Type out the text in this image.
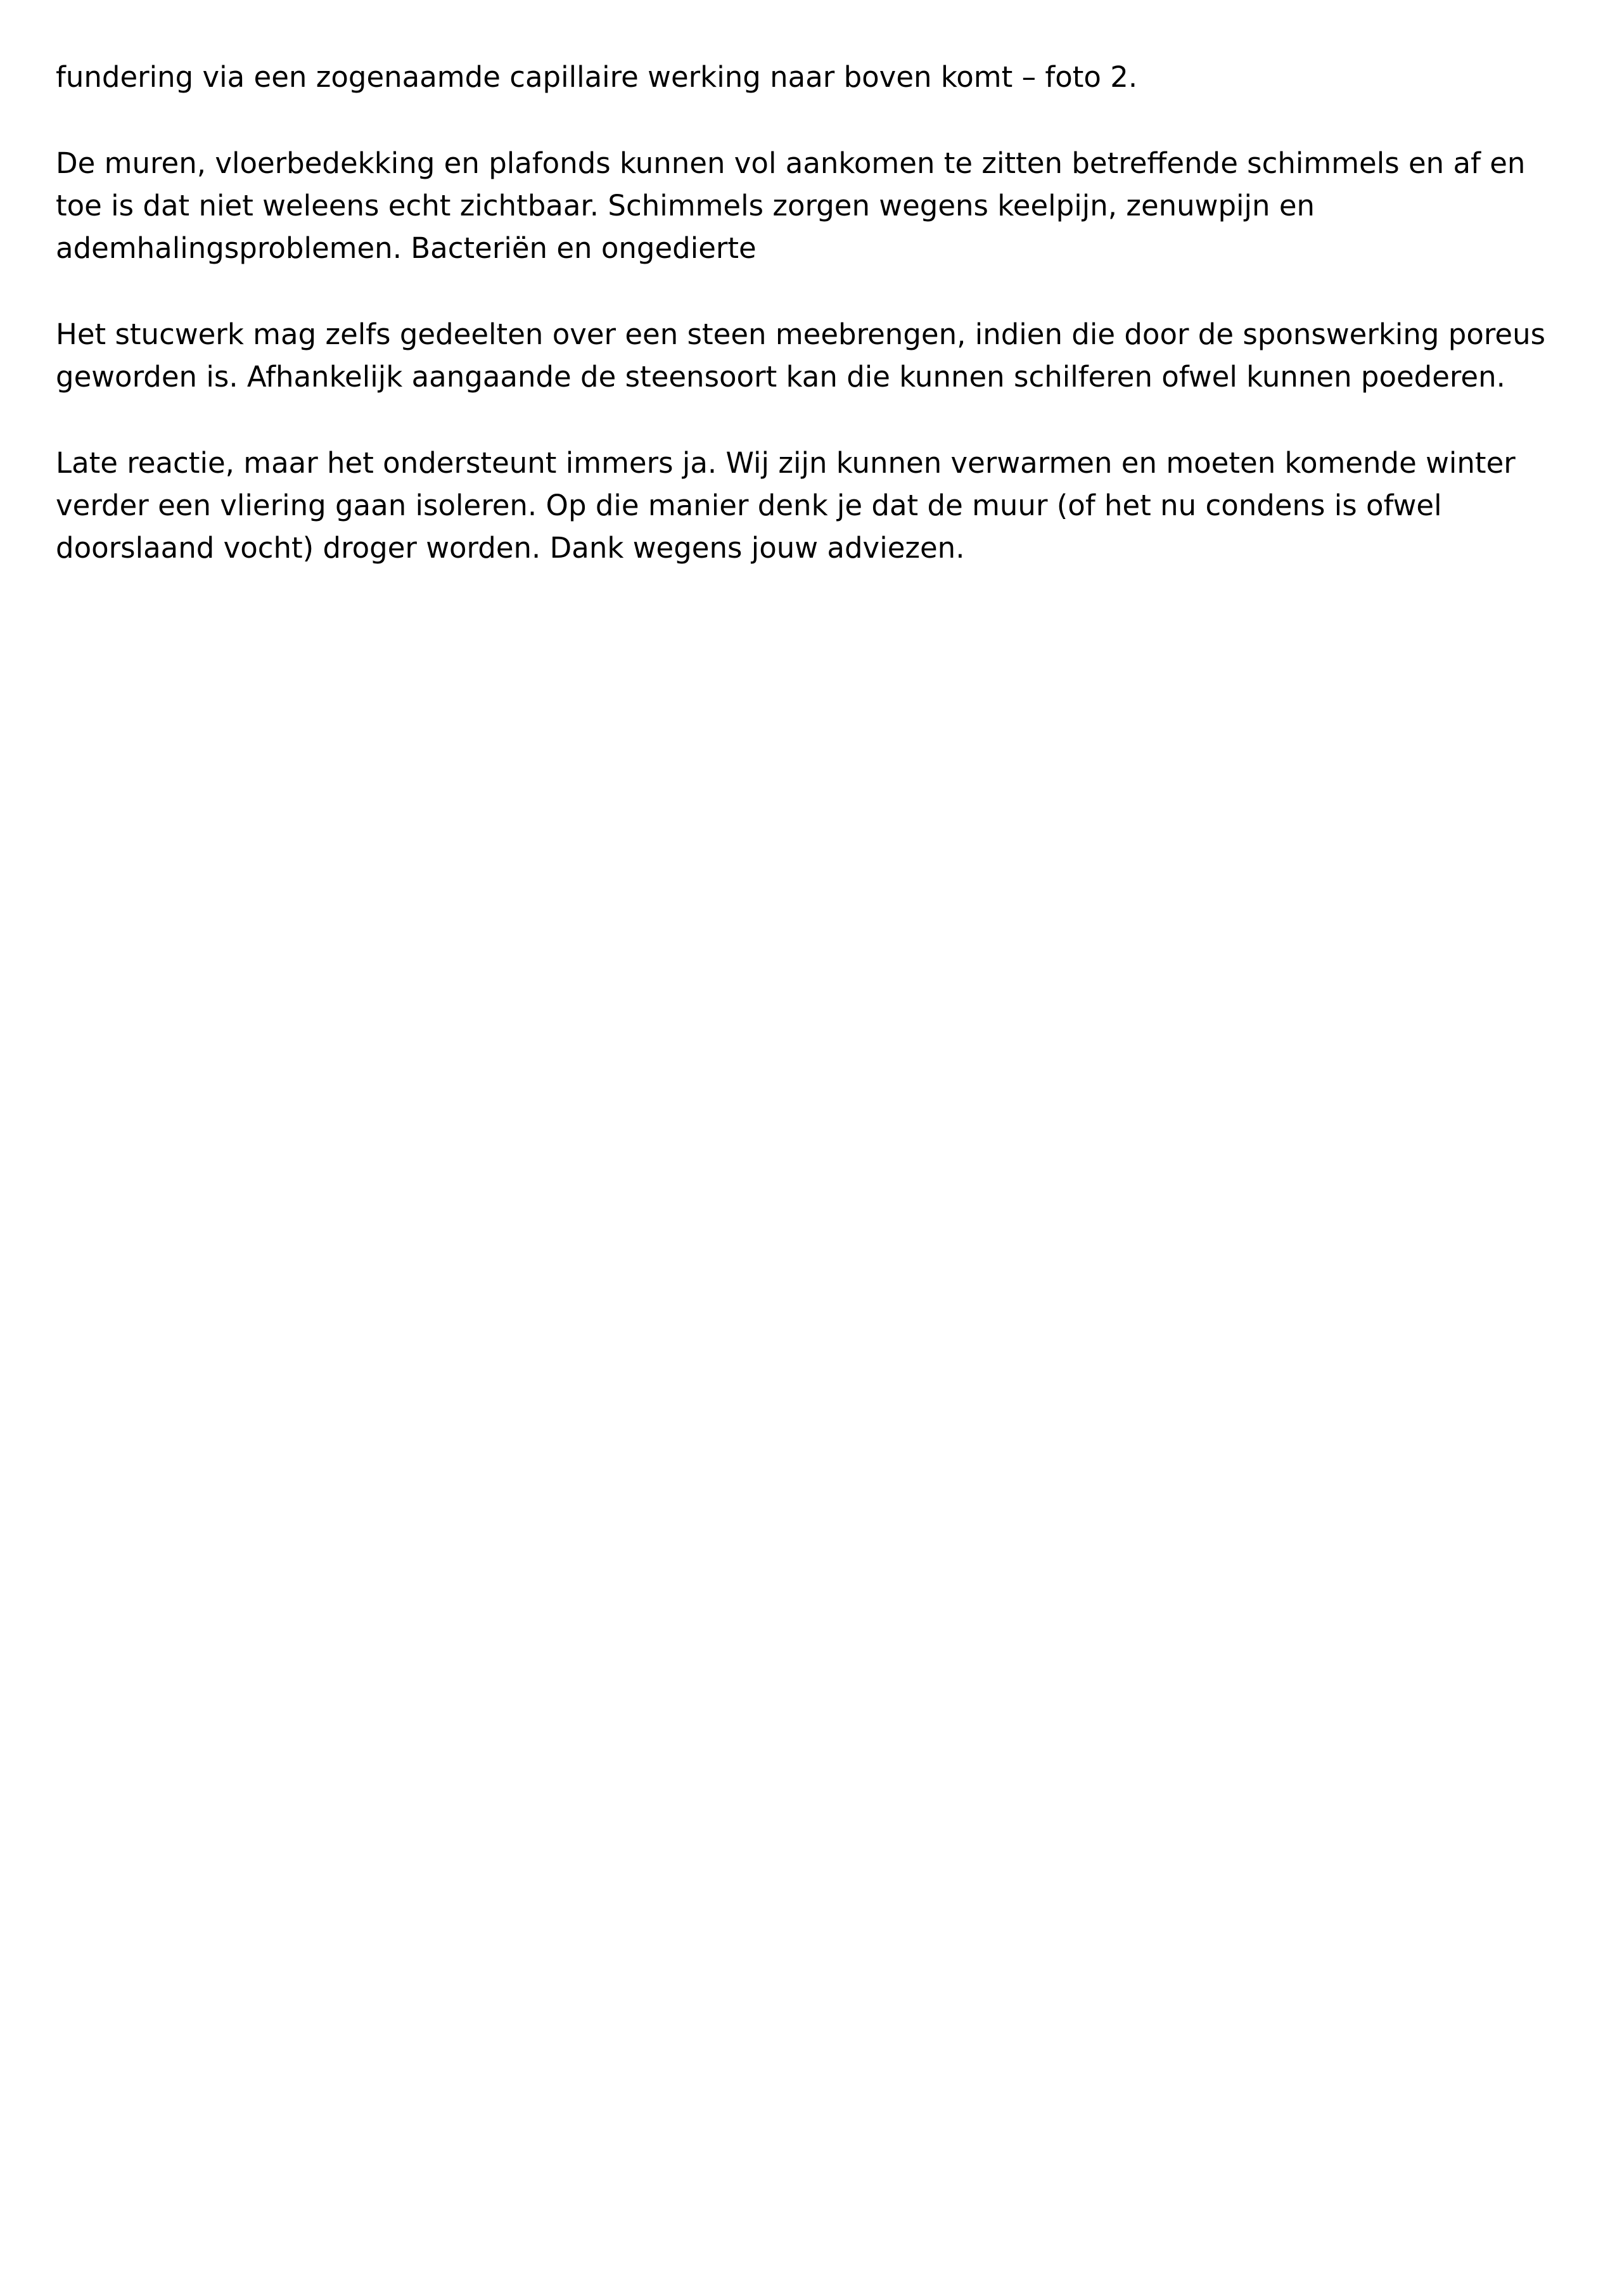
fundering via een zogenaamde capillaire werking naar boven komt – foto 2.

De muren, vloerbedekking en plafonds kunnen vol aankomen te zitten betreffende schimmels en af en toe is dat niet weleens echt zichtbaar. Schimmels zorgen wegens keelpijn, zenuwpijn en ademhalingsproblemen. Bacteriën en ongedierte

Het stucwerk mag zelfs gedeelten over een steen meebrengen, indien die door de sponswerking poreus geworden is. Afhankelijk aangaande de steensoort kan die kunnen schilferen ofwel kunnen poederen.

Late reactie, maar het ondersteunt immers ja. Wij zijn kunnen verwarmen en moeten komende winter verder een vliering gaan isoleren. Op die manier denk je dat de muur (of het nu condens is ofwel doorslaand vocht) droger worden. Dank wegens jouw adviezen.
